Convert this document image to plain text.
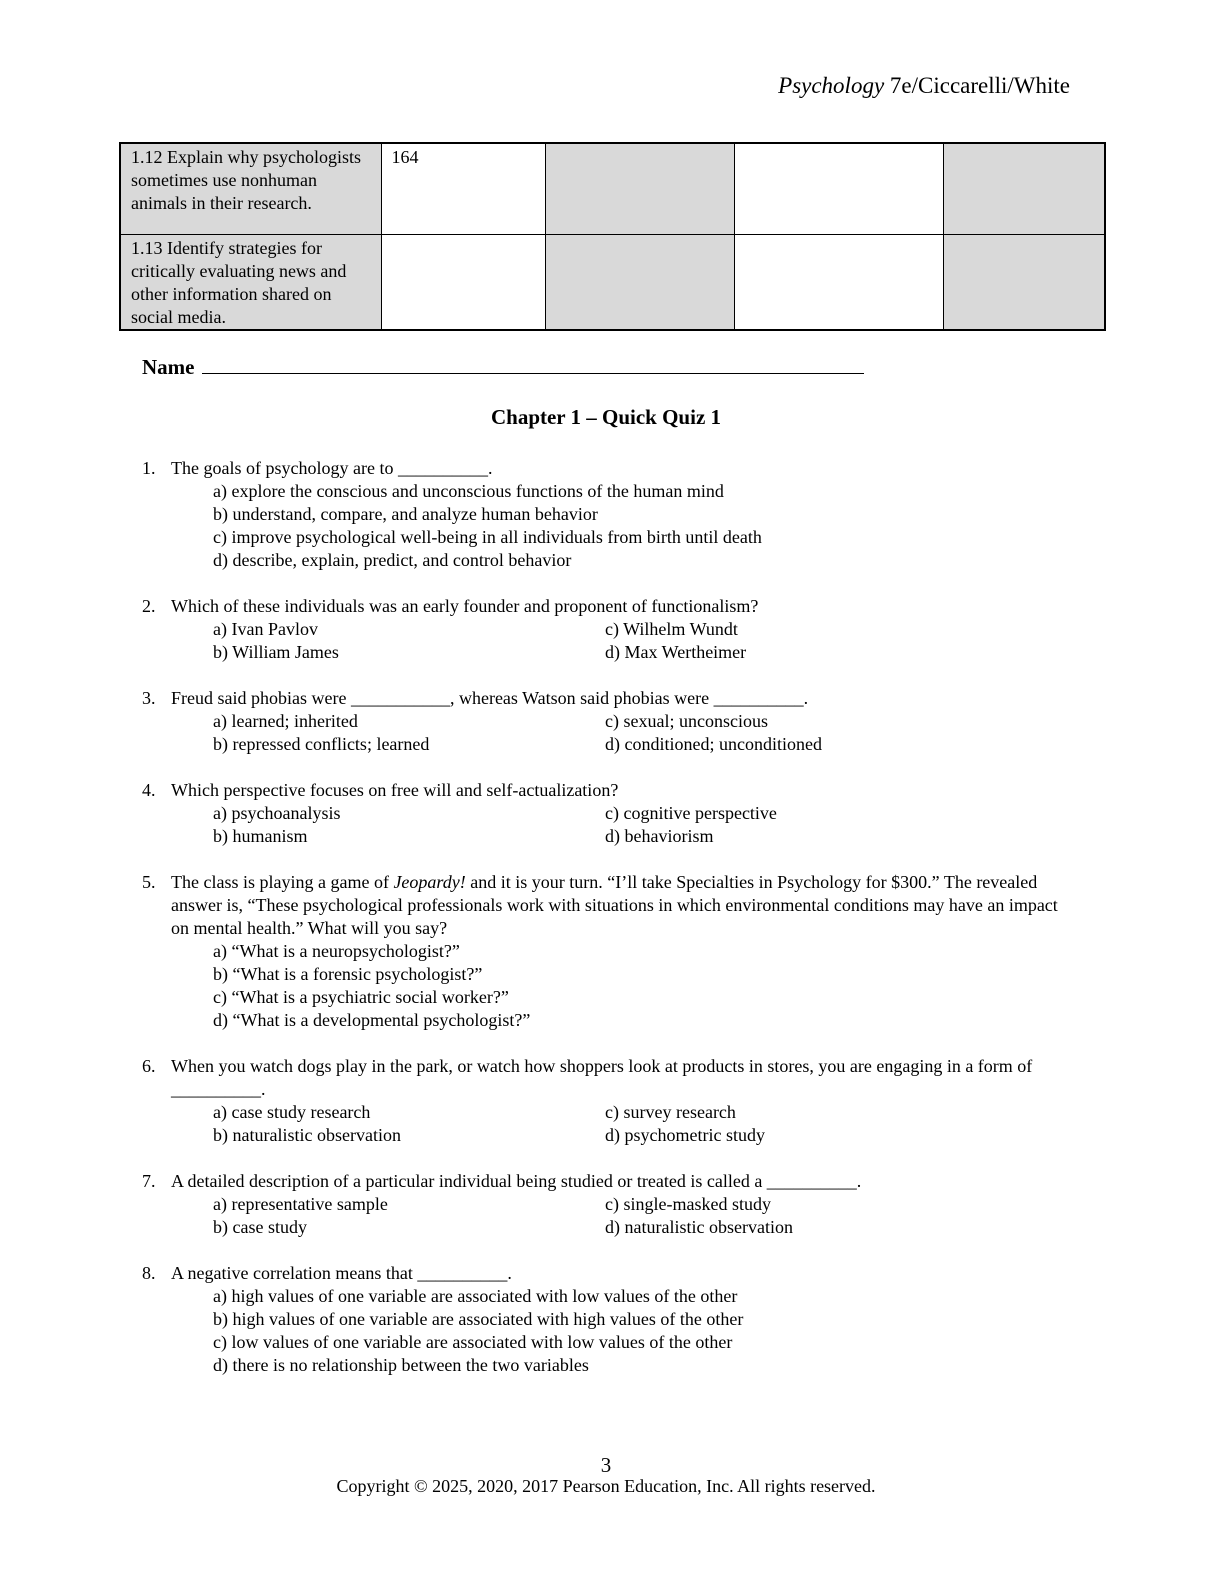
Psychology 7e/Ciccarelli/White
1.12 Explain why psychologists sometimes use nonhuman animals in their research.	164			
1.13 Identify strategies for critically evaluating news and other information shared on social media.				
Name
Chapter 1 – Quick Quiz 1
1. The goals of psychology are to __________.
a) explore the conscious and unconscious functions of the human mind
b) understand, compare, and analyze human behavior
c) improve psychological well-being in all individuals from birth until death
d) describe, explain, predict, and control behavior
2. Which of these individuals was an early founder and proponent of functionalism?
a) Ivan Pavlov	c) Wilhelm Wundt
b) William James	d) Max Wertheimer
3. Freud said phobias were ___________, whereas Watson said phobias were __________.
a) learned; inherited	c) sexual; unconscious
b) repressed conflicts; learned	d) conditioned; unconditioned
4. Which perspective focuses on free will and self-actualization?
a) psychoanalysis	c) cognitive perspective
b) humanism	d) behaviorism
5. The class is playing a game of Jeopardy! and it is your turn. “I’ll take Specialties in Psychology for $300.” The revealed answer is, “These psychological professionals work with situations in which environmental conditions may have an impact on mental health.” What will you say?
a) “What is a neuropsychologist?”
b) “What is a forensic psychologist?”
c) “What is a psychiatric social worker?”
d) “What is a developmental psychologist?”
6. When you watch dogs play in the park, or watch how shoppers look at products in stores, you are engaging in a form of __________.
a) case study research	c) survey research
b) naturalistic observation	d) psychometric study
7. A detailed description of a particular individual being studied or treated is called a __________.
a) representative sample	c) single-masked study
b) case study	d) naturalistic observation
8. A negative correlation means that __________.
a) high values of one variable are associated with low values of the other
b) high values of one variable are associated with high values of the other
c) low values of one variable are associated with low values of the other
d) there is no relationship between the two variables
3
Copyright © 2025, 2020, 2017 Pearson Education, Inc. All rights reserved.
